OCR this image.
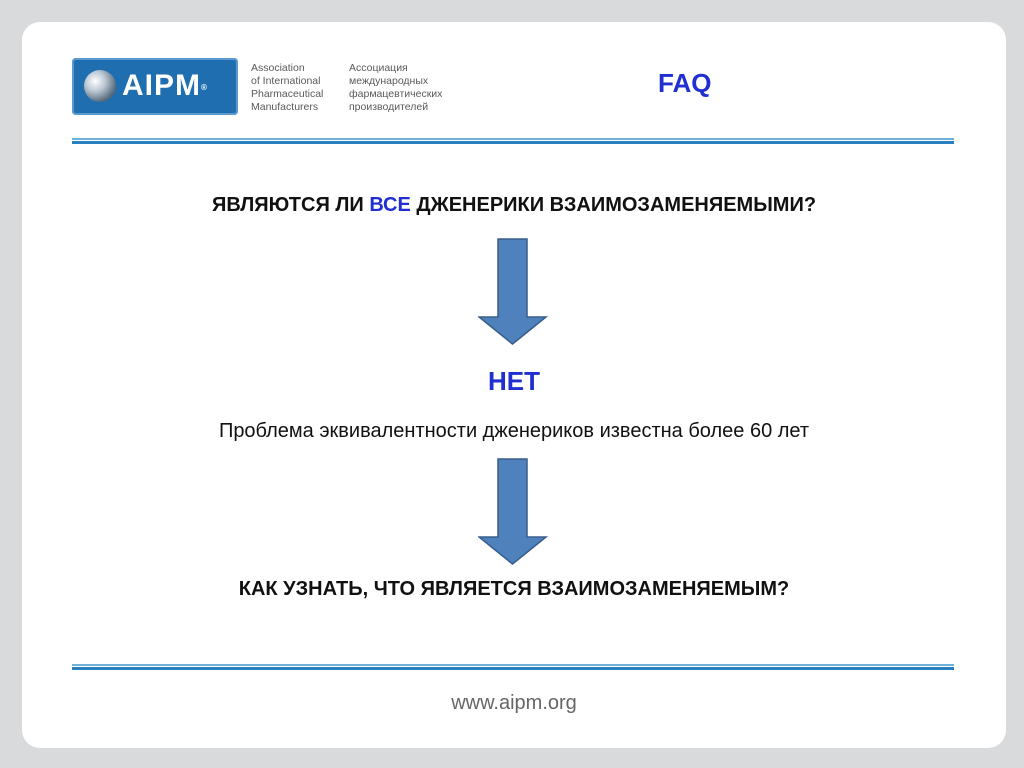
AIPM®
Association
of International
Pharmaceutical
Manufacturers
Ассоциация
международных
фармацевтических
производителей
FAQ
ЯВЛЯЮТСЯ ЛИ ВСЕ ДЖЕНЕРИКИ ВЗАИМОЗАМЕНЯЕМЫМИ?
НЕТ
Проблема эквивалентности дженериков известна более 60 лет
КАК УЗНАТЬ, ЧТО ЯВЛЯЕТСЯ ВЗАИМОЗАМЕНЯЕМЫМ?
www.aipm.org
